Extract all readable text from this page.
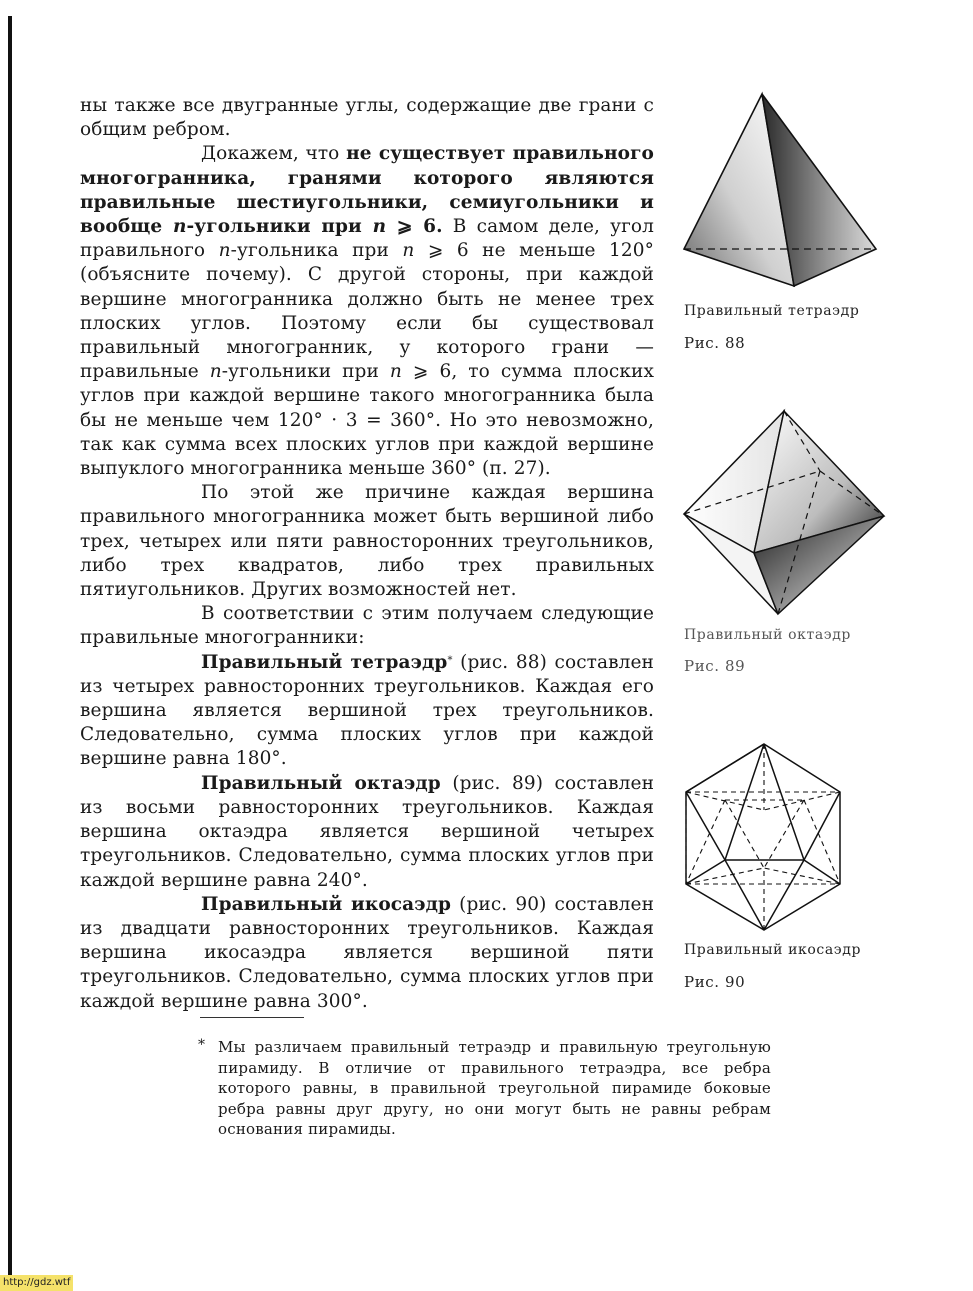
ны также все двугранные углы, содержащие две грани с общим ребром.

Докажем, что не существует правильного многогранника, гранями которого являются правильные шестиугольники, семиугольники и вообще n-угольники при n ⩾ 6. В самом деле, угол правильного n-угольника при n ⩾ 6 не меньше 120° (объясните почему). С другой стороны, при каждой вершине многогранника должно быть не менее трех плоских углов. Поэтому если бы существовал правильный многогранник, у которого грани — правильные n-угольники при n ⩾ 6, то сумма плоских углов при каждой вершине такого многогранника была бы не меньше чем 120° · 3 = 360°. Но это невозможно, так как сумма всех плоских углов при каждой вершине выпуклого многогранника меньше 360° (п. 27).

По этой же причине каждая вершина правильного многогранника может быть вершиной либо трех, четырех или пяти равносторонних треугольников, либо трех квадратов, либо трех правильных пятиугольников. Других возможностей нет.

В соответствии с этим получаем следующие правильные многогранники:

Правильный тетраэдр* (рис. 88) составлен из четырех равносторонних треугольников. Каждая его вершина является вершиной трех треугольников. Следовательно, сумма плоских углов при каждой вершине равна 180°.

Правильный октаэдр (рис. 89) составлен из восьми равносторонних треугольников. Каждая вершина октаэдра является вершиной четырех треугольников. Следовательно, сумма плоских углов при каждой вершине равна 240°.

Правильный икосаэдр (рис. 90) составлен из двадцати равносторонних треугольников. Каждая вершина икосаэдра является вершиной пяти треугольников. Следовательно, сумма плоских углов при каждой вершине равна 300°.

Правильный тетраэдр
Рис. 88
Правильный октаэдр
Рис. 89
Правильный икосаэдр
Рис. 90
* Мы различаем правильный тетраэдр и правильную треугольную пирамиду. В отличие от правильного тетраэдра, все ребра которого равны, в правильной треугольной пирамиде боковые ребра равны друг другу, но они могут быть не равны ребрам основания пирамиды.
http://gdz.wtf
